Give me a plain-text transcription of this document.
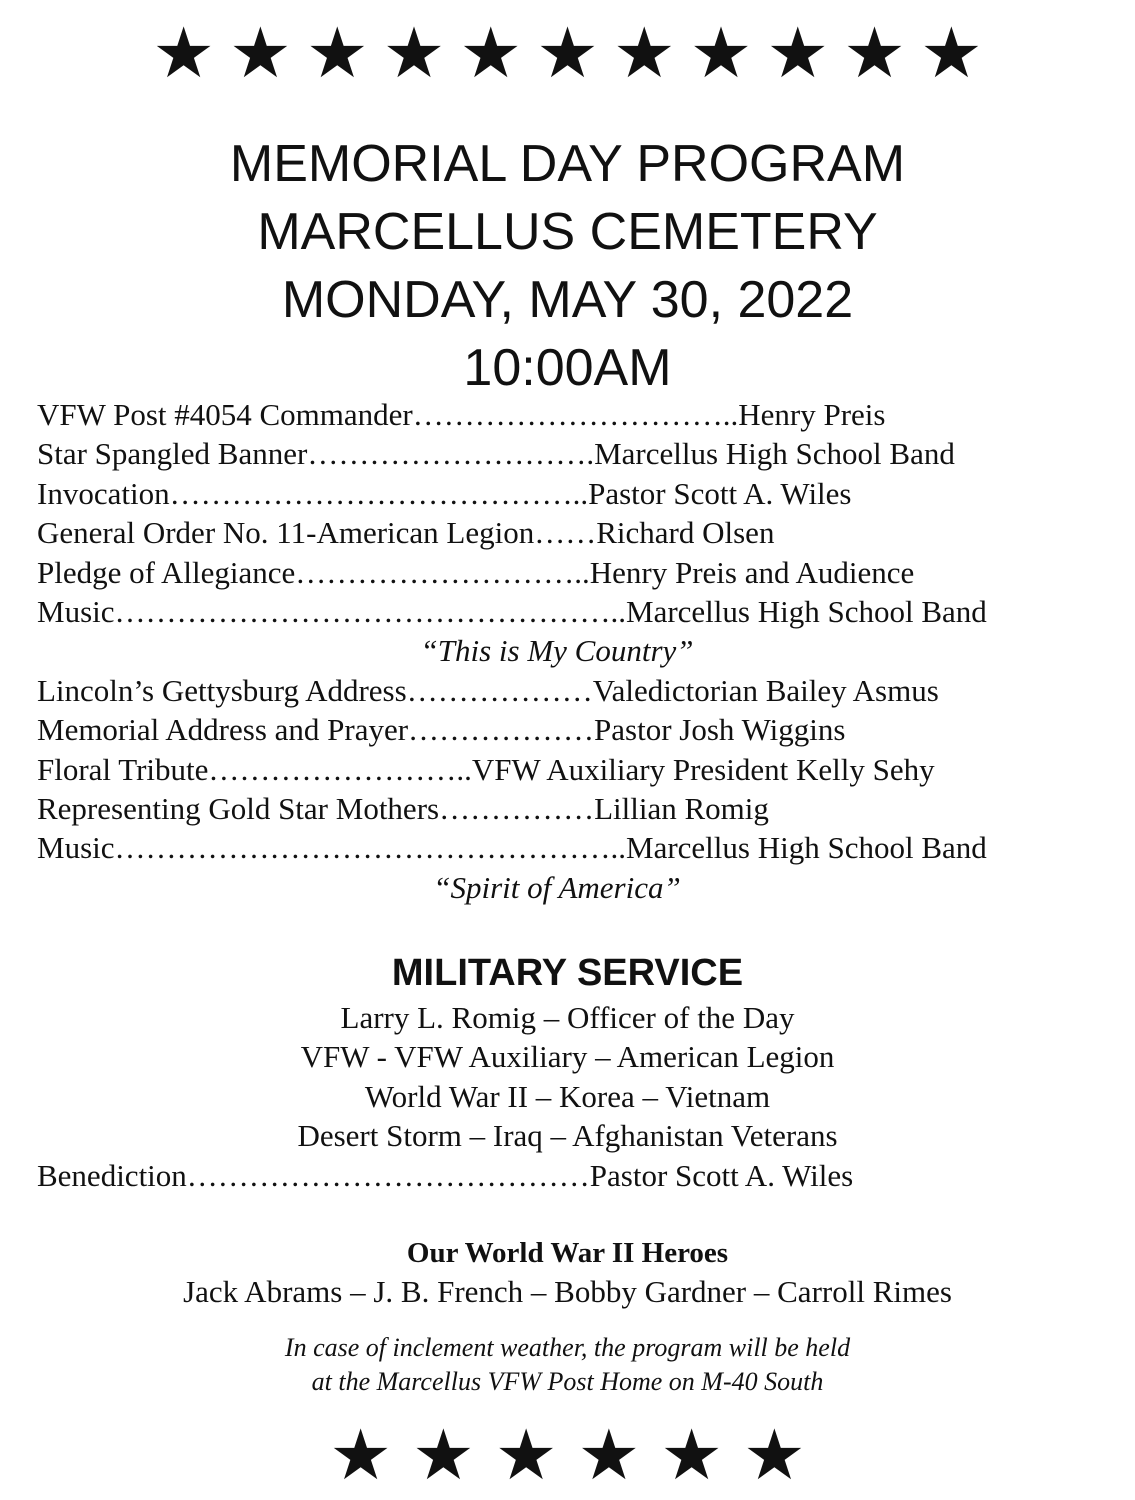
★ ★ ★ ★ ★ ★ ★ ★ ★ ★ ★
MEMORIAL DAY PROGRAM
MARCELLUS CEMETERY
MONDAY, MAY 30, 2022
10:00AM
VFW Post #4054 Commander ………………………….. Henry Preis
Star Spangled Banner ………………………. Marcellus High School Band
Invocation ………………………………….. Pastor Scott A. Wiles
General Order No. 11-American Legion …… Richard Olsen
Pledge of Allegiance ……………………….. Henry Preis and Audience
Music ………………………………………….. Marcellus High School Band
“This is My Country”
Lincoln’s Gettysburg Address ……………… Valedictorian Bailey Asmus
Memorial Address and Prayer ……………… Pastor Josh Wiggins
Floral Tribute …………………….. VFW Auxiliary President Kelly Sehy
Representing Gold Star Mothers …………… Lillian Romig
Music ………………………………………….. Marcellus High School Band
“Spirit of America”
MILITARY SERVICE
Larry L. Romig – Officer of the Day
VFW - VFW Auxiliary – American Legion
World War II – Korea – Vietnam
Desert Storm – Iraq – Afghanistan Veterans
Benediction ………………………………… Pastor Scott A. Wiles
Our World War II Heroes
Jack Abrams – J. B. French – Bobby Gardner – Carroll Rimes
In case of inclement weather, the program will be held
at the Marcellus VFW Post Home on M-40 South
★ ★ ★ ★ ★ ★
